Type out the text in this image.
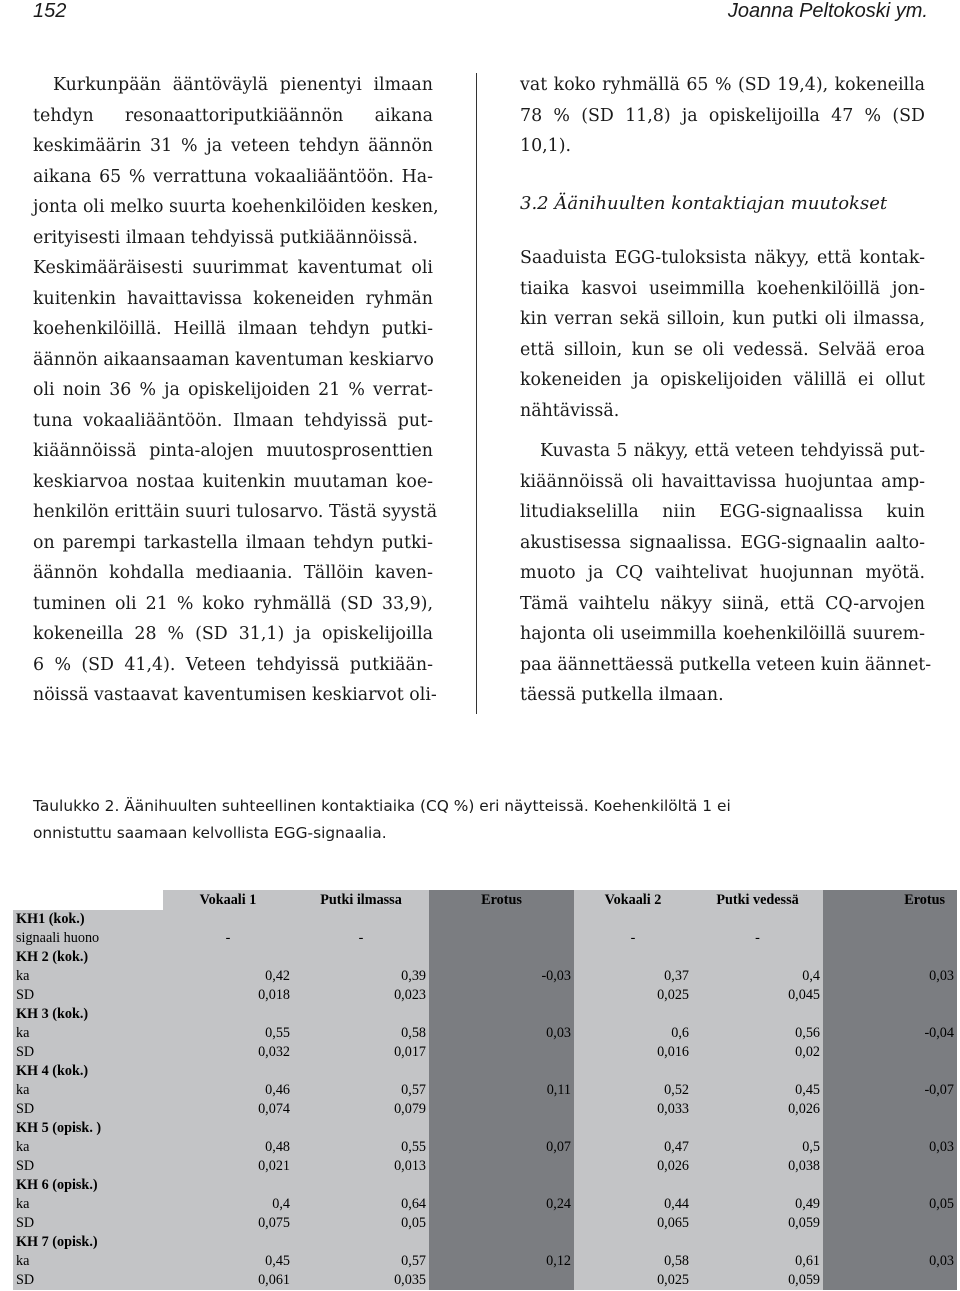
152	Joanna Peltokoski ym.
Kurkunpään ääntöväylä pienentyi ilmaan
tehdyn resonaattoriputkiäännön aikana
keskimäärin 31 % ja veteen tehdyn äännön
aikana 65 % verrattuna vokaaliääntöön. Ha-
jonta oli melko suurta koehenkilöiden kesken,
erityisesti ilmaan tehdyissä putkiäännöissä.
Keskimääräisesti suurimmat kaventumat oli
kuitenkin havaittavissa kokeneiden ryhmän
koehenkilöillä. Heillä ilmaan tehdyn putki-
äännön aikaansaaman kaventuman keskiarvo
oli noin 36 % ja opiskelijoiden 21 % verrat-
tuna vokaaliääntöön. Ilmaan tehdyissä put-
kiäännöissä pinta-alojen muutosprosenttien
keskiarvoa nostaa kuitenkin muutaman koe-
henkilön erittäin suuri tulosarvo. Tästä syystä
on parempi tarkastella ilmaan tehdyn putki-
äännön kohdalla mediaania. Tällöin kaven-
tuminen oli 21 % koko ryhmällä (SD 33,9),
kokeneilla 28 % (SD 31,1) ja opiskelijoilla
6 % (SD 41,4). Veteen tehdyissä putkiään-
nöissä vastaavat kaventumisen keskiarvot oli-
vat koko ryhmällä 65 % (SD 19,4), kokeneilla
78 % (SD 11,8) ja opiskelijoilla 47 % (SD
10,1).
3.2 Äänihuulten kontaktiajan muutokset
Saaduista EGG-tuloksista näkyy, että kontak-
tiaika kasvoi useimmilla koehenkilöillä jon-
kin verran sekä silloin, kun putki oli ilmassa,
että silloin, kun se oli vedessä. Selvää eroa
kokeneiden ja opiskelijoiden välillä ei ollut
nähtävissä.
Kuvasta 5 näkyy, että veteen tehdyissä put-
kiäännöissä oli havaittavissa huojuntaa amp-
litudiakselilla niin EGG-signaalissa kuin
akustisessa signaalissa. EGG-signaalin aalto-
muoto ja CQ vaihtelivat huojunnan myötä.
Tämä vaihtelu näkyy siinä, että CQ-arvojen
hajonta oli useimmilla koehenkilöillä suurem-
paa äännettäessä putkella veteen kuin äännet-
täessä putkella ilmaan.
Taulukko 2. Äänihuulten suhteellinen kontaktiaika (CQ %) eri näytteissä. Koehenkilöltä 1 ei
onnistuttu saamaan kelvollista EGG-signaalia.
	Vokaali 1	Putki ilmassa	Erotus	Vokaali 2	Putki vedessä	Erotus
KH1 (kok.)						
signaali huono	-	-		-	-	
KH 2 (kok.)						
ka	0,42	0,39	-0,03	0,37	0,4	0,03
SD	0,018	0,023		0,025	0,045	
KH 3 (kok.)						
ka	0,55	0,58	0,03	0,6	0,56	-0,04
SD	0,032	0,017		0,016	0,02	
KH 4 (kok.)						
ka	0,46	0,57	0,11	0,52	0,45	-0,07
SD	0,074	0,079		0,033	0,026	
KH 5 (opisk. )						
ka	0,48	0,55	0,07	0,47	0,5	0,03
SD	0,021	0,013		0,026	0,038	
KH 6 (opisk.)						
ka	0,4	0,64	0,24	0,44	0,49	0,05
SD	0,075	0,05		0,065	0,059	
KH 7 (opisk.)						
ka	0,45	0,57	0,12	0,58	0,61	0,03
SD	0,061	0,035		0,025	0,059	
